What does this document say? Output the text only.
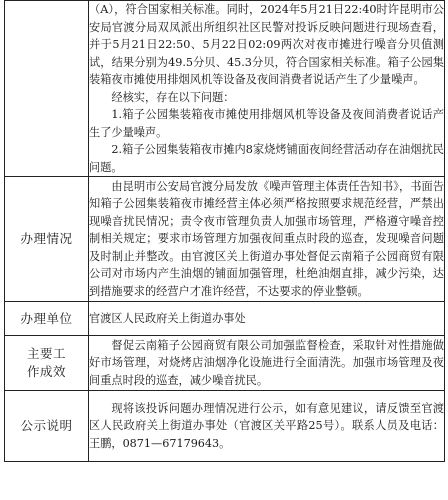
	（A），符合国家相关标准。同时，2024年5月21日22:40时许昆明市公安局官渡分局双凤派出所组织社区民警对投诉反映问题进行现场查看，并于5月21日22:50、5月22日02:09两次对夜市摊进行噪音分贝值测试，结果分别为49.5分贝、45.3分贝，符合国家相关标准。箱子公园集装箱夜市摊使用排烟风机等设备及夜间消费者说话产生了少量噪声。

经核实，存在以下问题：

1.箱子公园集装箱夜市摊使用排烟风机等设备及夜间消费者说话产生了少量噪声。

2.箱子公园集装箱夜市摊内8家烧烤铺面夜间经营活动存在油烟扰民问题。

办理情况	由昆明市公安局官渡分局发放《噪声管理主体责任告知书》，书面告知箱子公园集装箱夜市摊经营主体必须严格按照要求规范经营，严禁出现噪音扰民情况；责令夜市管理负责人加强市场管理，严格遵守噪音控制相关规定；要求市场管理方加强夜间重点时段的巡查，发现噪音问题及时制止并整改。由官渡区关上街道办事处督促云南箱子公园商贸有限公司对市场内产生油烟的铺面加强管理，杜绝油烟直排，减少污染，达到措施要求的经营户才准许经营，不达要求的停业整顿。

办理单位	官渡区人民政府关上街道办事处
主要工作成效	督促云南箱子公园商贸有限公司加强监督检查，采取针对性措施做好市场管理，对烧烤店油烟净化设施进行全面清洗。加强市场管理及夜间重点时段的巡查，减少噪音扰民。

公示说明	现将该投诉问题办理情况进行公示，如有意见建议，请反馈至官渡区人民政府关上街道办事处（官渡区关平路25号）。联系人员及电话：王鹏，0871—67179643。
